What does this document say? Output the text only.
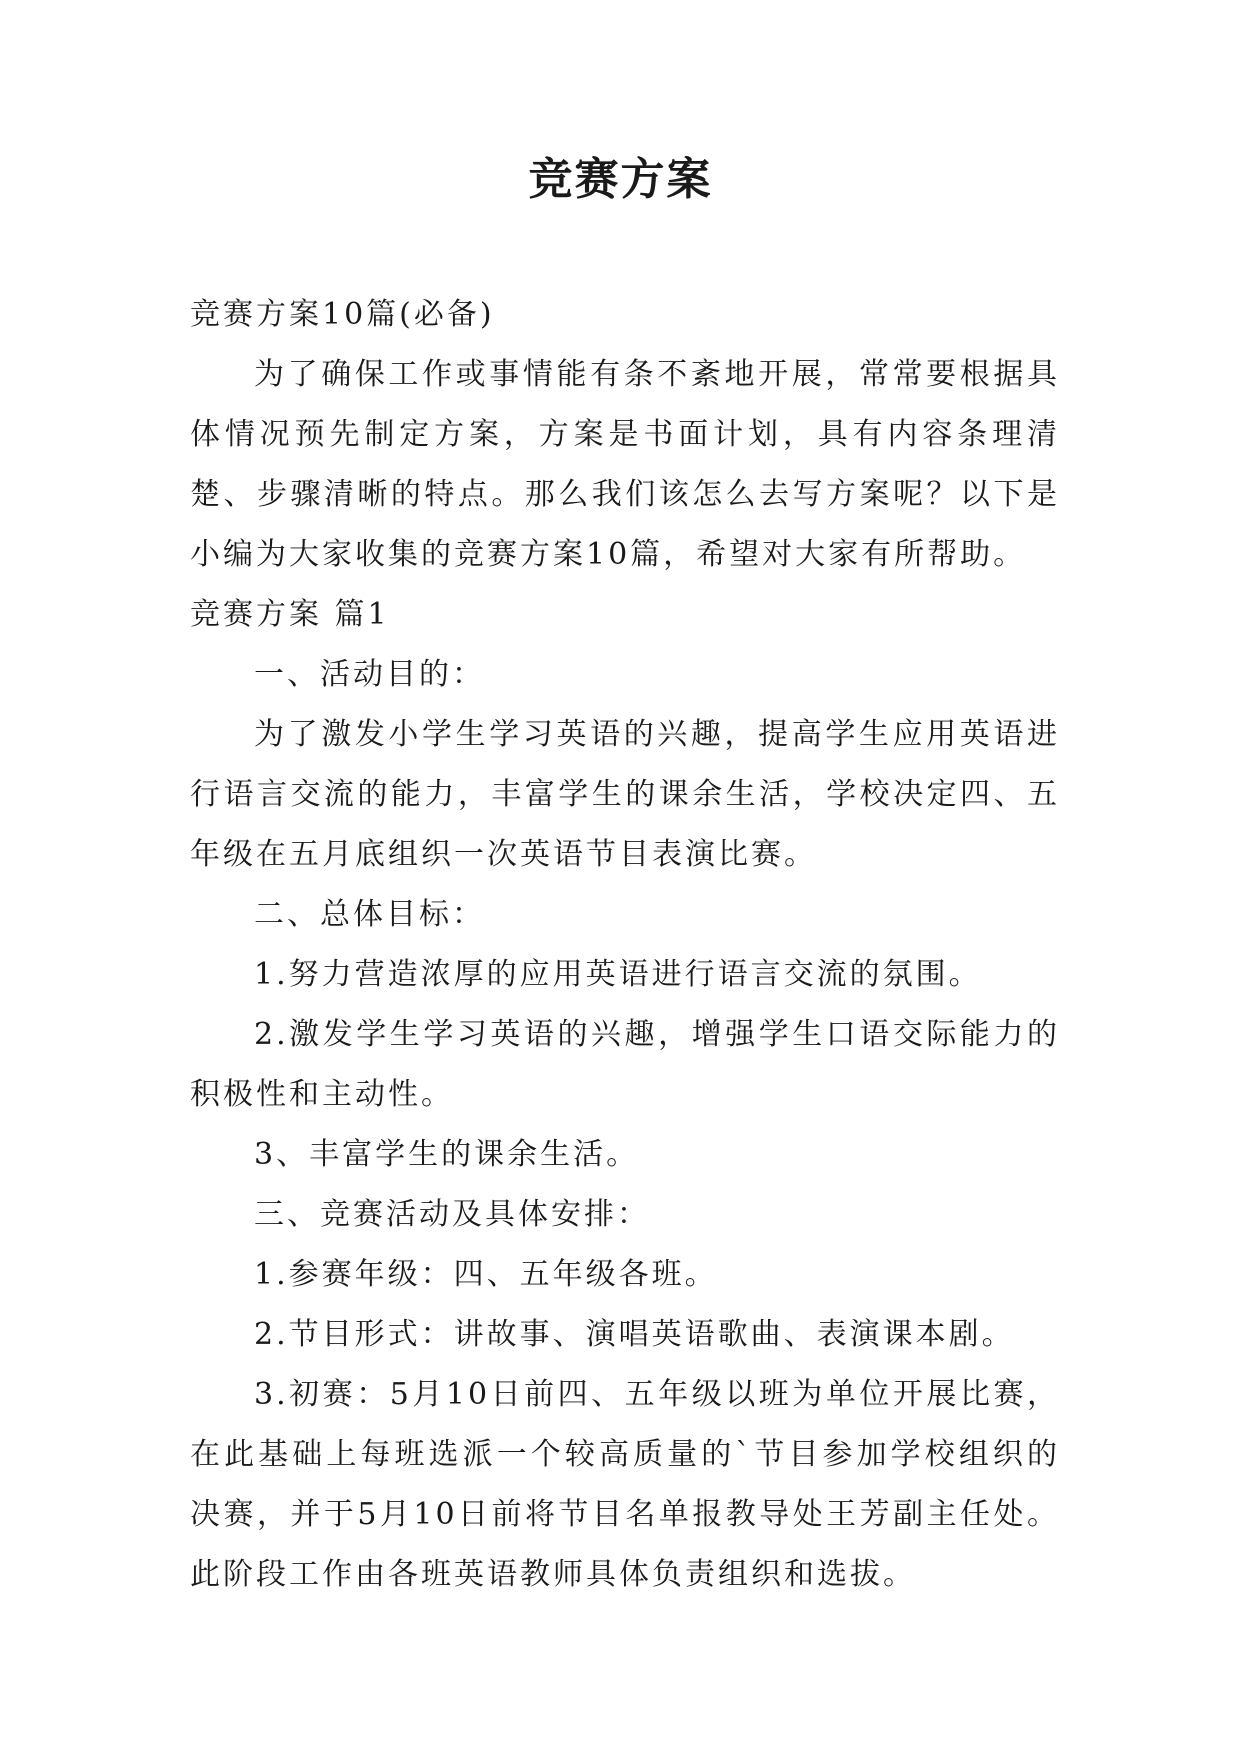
竞赛方案

竞赛方案10篇(必备)

为了确保工作或事情能有条不紊地开展，常常要根据具体情况预先制定方案，方案是书面计划，具有内容条理清楚、步骤清晰的特点。那么我们该怎么去写方案呢？以下是小编为大家收集的竞赛方案10篇，希望对大家有所帮助。

竞赛方案 篇1

一、活动目的：

为了激发小学生学习英语的兴趣，提高学生应用英语进行语言交流的能力，丰富学生的课余生活，学校决定四、五年级在五月底组织一次英语节目表演比赛。

二、总体目标：

1.努力营造浓厚的应用英语进行语言交流的氛围。

2.激发学生学习英语的兴趣，增强学生口语交际能力的积极性和主动性。

3、丰富学生的课余生活。

三、竞赛活动及具体安排：

1.参赛年级：四、五年级各班。

2.节目形式：讲故事、演唱英语歌曲、表演课本剧。

3.初赛：5月10日前四、五年级以班为单位开展比赛，在此基础上每班选派一个较高质量的`节目参加学校组织的决赛，并于5月10日前将节目名单报教导处王芳副主任处。此阶段工作由各班英语教师具体负责组织和选拔。
